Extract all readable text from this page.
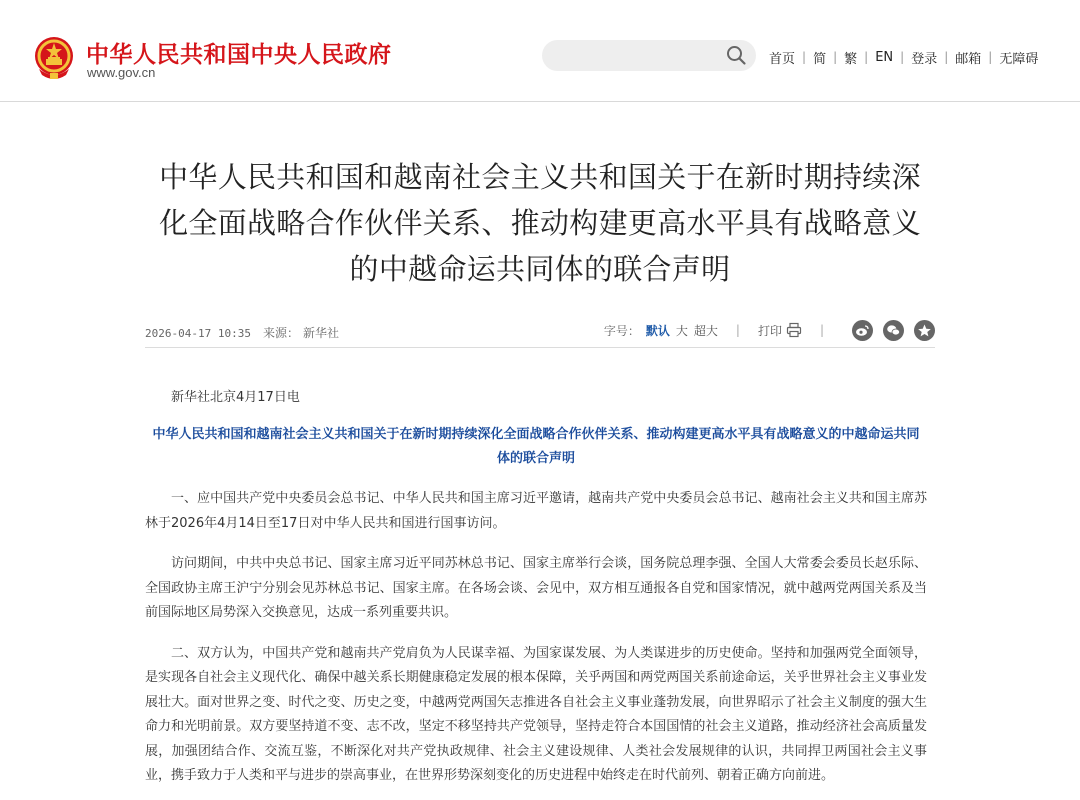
中华人民共和国中央人民政府
www.gov.cn
首页 | 简 | 繁 | EN | 登录 | 邮箱 | 无障碍
中华人民共和国和越南社会主义共和国关于在新时期持续深化全面战略合作伙伴关系、推动构建更高水平具有战略意义的中越命运共同体的联合声明
2026-04-17 10:35 来源： 新华社	字号： 默认 大 超大 | 打印	|

新华社北京4月17日电

中华人民共和国和越南社会主义共和国关于在新时期持续深化全面战略合作伙伴关系、推动构建更高水平具有战略意义的中越命运共同体的联合声明

一、应中国共产党中央委员会总书记、中华人民共和国主席习近平邀请，越南共产党中央委员会总书记、越南社会主义共和国主席苏林于2026年4月14日至17日对中华人民共和国进行国事访问。

访问期间，中共中央总书记、国家主席习近平同苏林总书记、国家主席举行会谈，国务院总理李强、全国人大常委会委员长赵乐际、全国政协主席王沪宁分别会见苏林总书记、国家主席。在各场会谈、会见中，双方相互通报各自党和国家情况，就中越两党两国关系及当前国际地区局势深入交换意见，达成一系列重要共识。

二、双方认为，中国共产党和越南共产党肩负为人民谋幸福、为国家谋发展、为人类谋进步的历史使命。坚持和加强两党全面领导，是实现各自社会主义现代化、确保中越关系长期健康稳定发展的根本保障，关乎两国和两党两国关系前途命运，关乎世界社会主义事业发展壮大。面对世界之变、时代之变、历史之变，中越两党两国矢志推进各自社会主义事业蓬勃发展，向世界昭示了社会主义制度的强大生命力和光明前景。双方要坚持道不变、志不改，坚定不移坚持共产党领导，坚持走符合本国国情的社会主义道路，推动经济社会高质量发展，加强团结合作、交流互鉴，不断深化对共产党执政规律、社会主义建设规律、人类社会发展规律的认识，共同捍卫两国社会主义事业，携手致力于人类和平与进步的崇高事业，在世界形势深刻变化的历史进程中始终走在时代前列、朝着正确方向前进。
